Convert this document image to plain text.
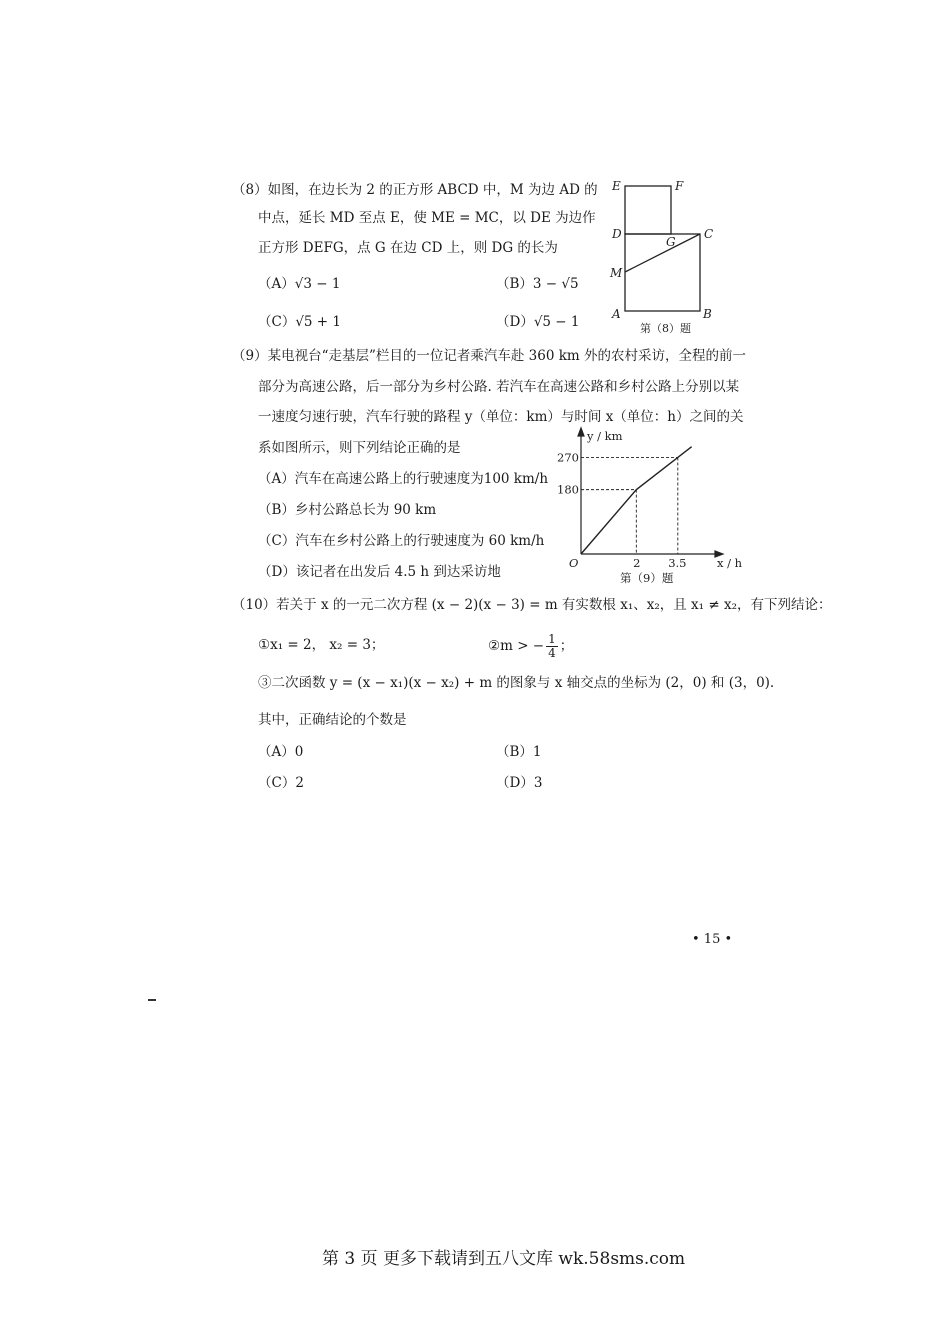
（8）如图，在边长为 2 的正方形 ABCD 中，M 为边 AD 的
中点，延长 MD 至点 E，使 ME = MC，以 DE 为边作
正方形 DEFG，点 G 在边 CD 上，则 DG 的长为
（A）√3 − 1	（B）3 − √5
（C）√5 + 1	（D）√5 − 1
E	F
D
G
C
M
A	B
第（8）题
（9）某电视台“走基层”栏目的一位记者乘汽车赴 360 km 外的农村采访，全程的前一
部分为高速公路，后一部分为乡村公路. 若汽车在高速公路和乡村公路上分别以某
一速度匀速行驶，汽车行驶的路程 y（单位：km）与时间 x（单位：h）之间的关
系如图所示，则下列结论正确的是
（A）汽车在高速公路上的行驶速度为100 km/h
（B）乡村公路总长为 90 km
（C）汽车在乡村公路上的行驶速度为 60 km/h
（D）该记者在出发后 4.5 h 到达采访地
2 3.5
180
270
O	x / h
y / km
第（9）题
（10）若关于 x 的一元二次方程 (x − 2)(x − 3) = m 有实数根 x₁、x₂，且 x₁ ≠ x₂，有下列结论：
①x₁ = 2， x₂ = 3；	②m > − $\frac{1}{4}$ ；
③二次函数 y = (x − x₁)(x − x₂) + m 的图象与 x 轴交点的坐标为 (2，0) 和 (3，0).
其中，正确结论的个数是
（A）0	（B）1
（C）2	（D）3
• 15 •
第 3 页 更多下载请到五八文库 wk.58sms.com
